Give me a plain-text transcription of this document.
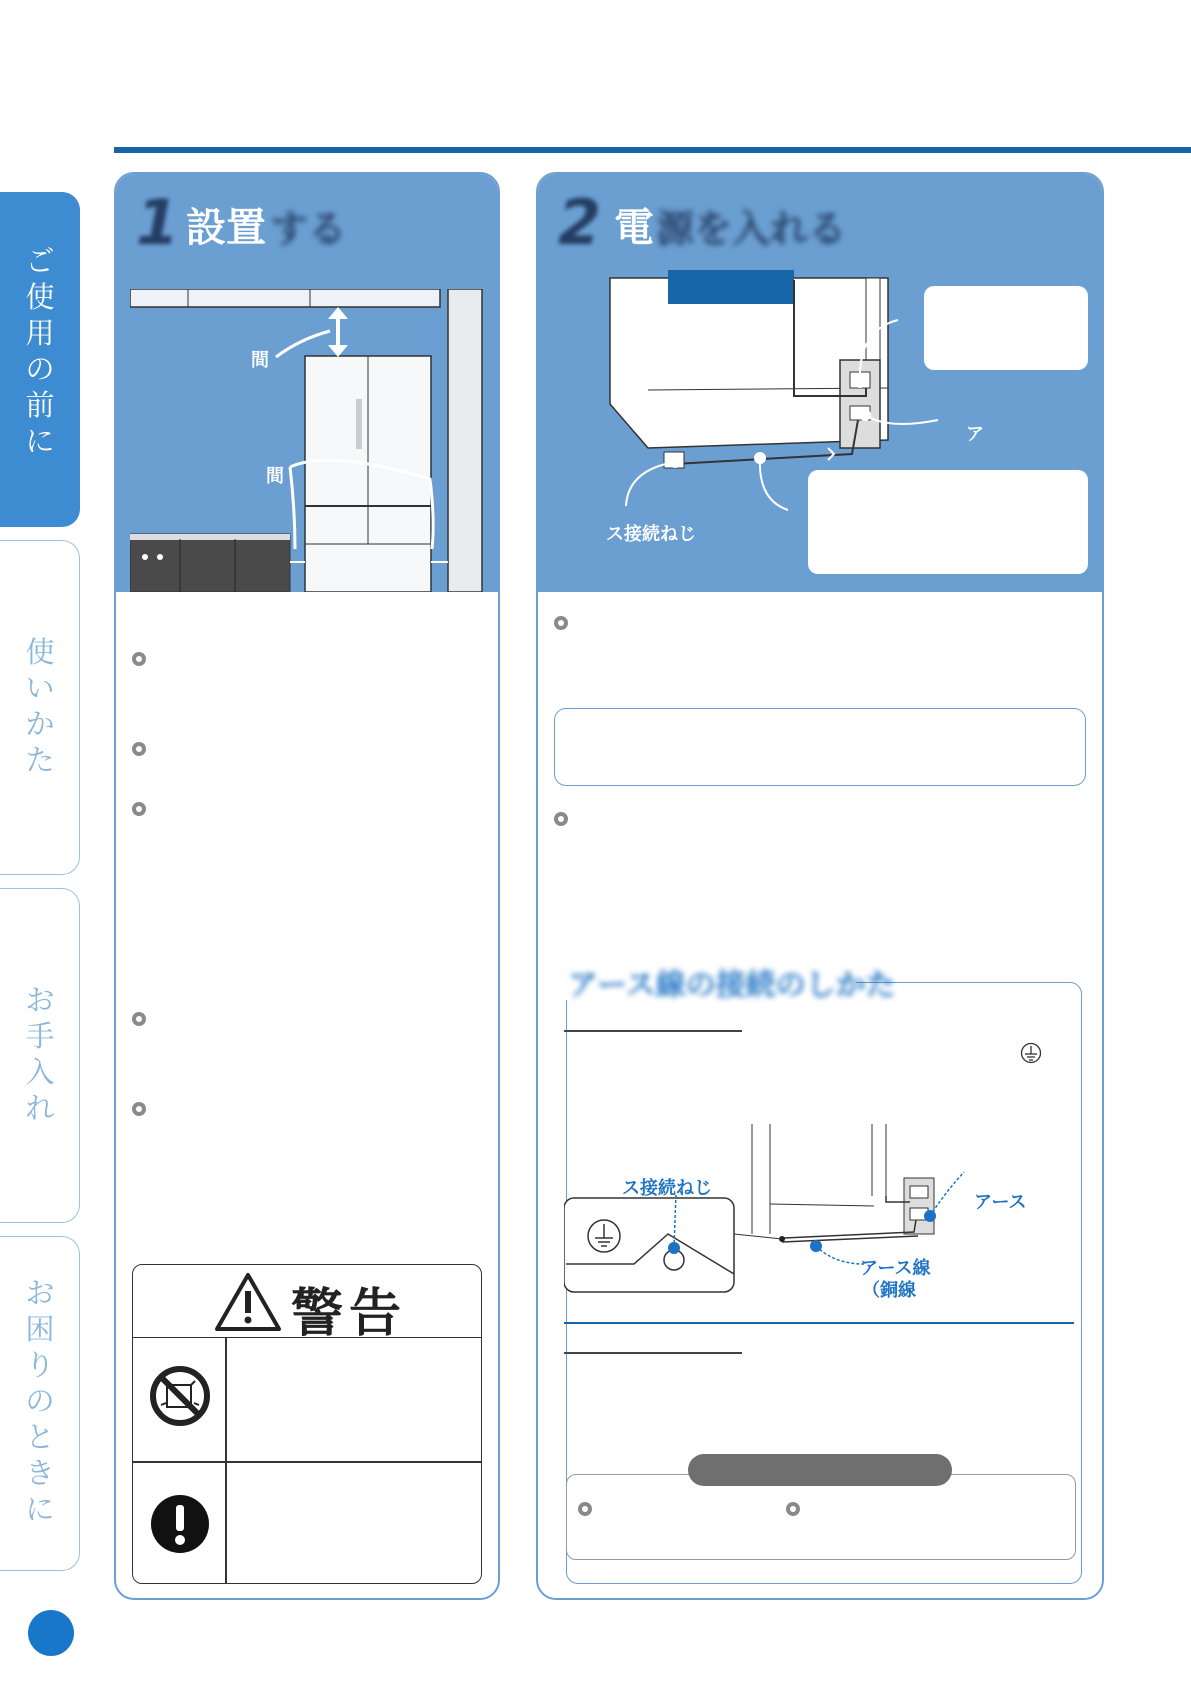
ご使用の前に
使いかた
お手入れ
お困りのときに
1 設置 する
間
間
警告
2 電 源を入れる
ア
ス接続ねじ
アース線の接続のしかた
ス接続ねじ
アース
アース線
（銅線
